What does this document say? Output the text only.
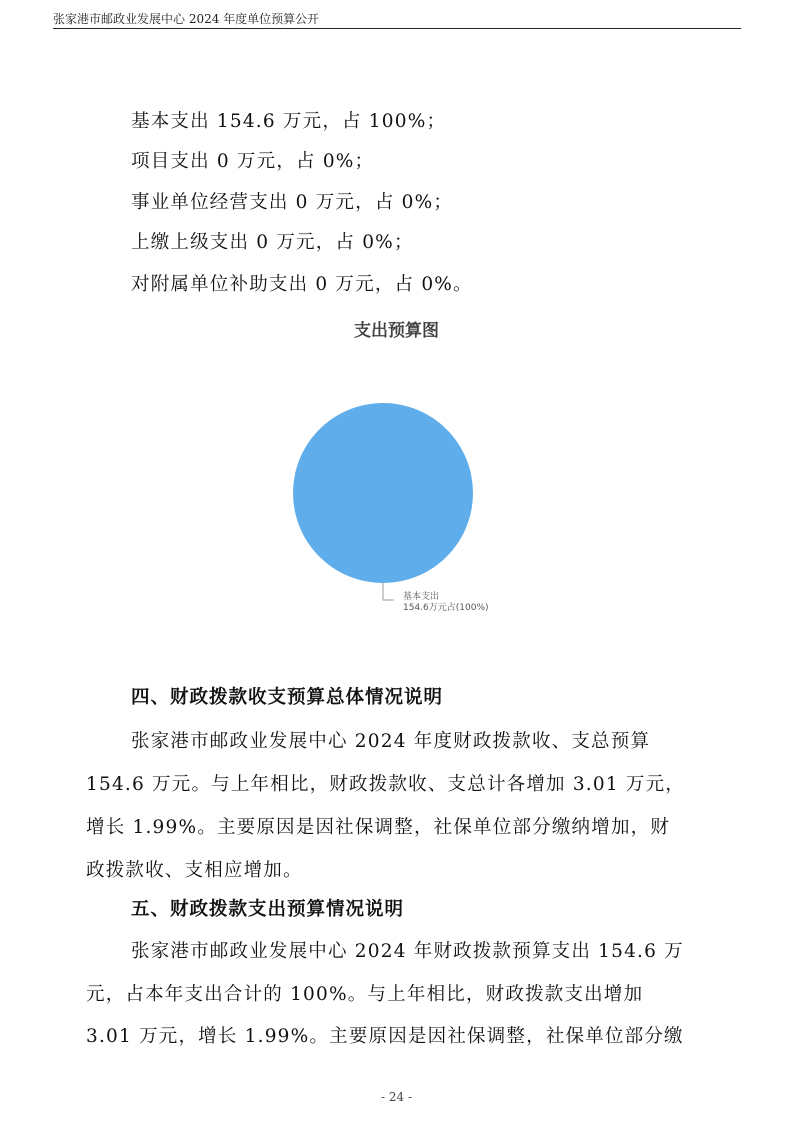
张家港市邮政业发展中心 2024 年度单位预算公开
基本支出 154.6 万元，占 100%；
项目支出 0 万元，占 0%；
事业单位经营支出 0 万元，占 0%；
上缴上级支出 0 万元，占 0%；
对附属单位补助支出 0 万元，占 0%。
支出预算图
基本支出
154.6万元占(100%)
四、财政拨款收支预算总体情况说明
张家港市邮政业发展中心 2024 年度财政拨款收、支总预算
154.6 万元。与上年相比，财政拨款收、支总计各增加 3.01 万元，
增长 1.99%。主要原因是因社保调整，社保单位部分缴纳增加，财
政拨款收、支相应增加。
五、财政拨款支出预算情况说明
张家港市邮政业发展中心 2024 年财政拨款预算支出 154.6 万
元，占本年支出合计的 100%。与上年相比，财政拨款支出增加
3.01 万元，增长 1.99%。主要原因是因社保调整，社保单位部分缴
- 24 -
